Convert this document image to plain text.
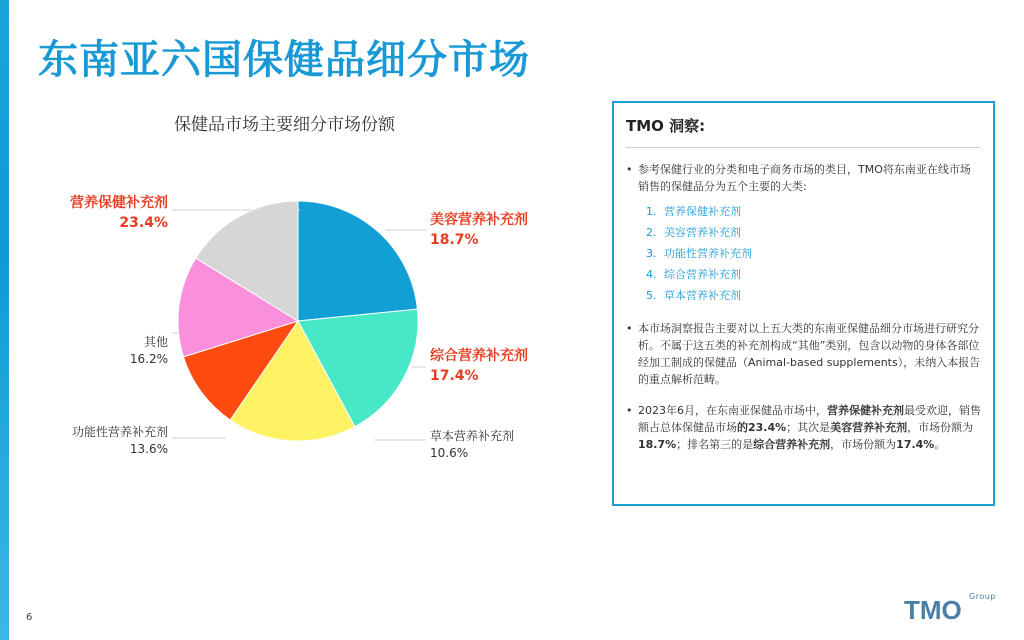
东南亚六国保健品细分市场
保健品市场主要细分市场份额
营养保健补充剂
23.4%	美容营养补充剂
18.7%
综合营养补充剂
17.4%
草本营养补充剂
10.6%
功能性营养补充剂
13.6%
其他
16.2%
TMO 洞察:
• 参考保健行业的分类和电子商务市场的类目，TMO将东南亚在线市场销售的保健品分为五个主要的大类:
1. 营养保健补充剂
2. 美容营养补充剂
3. 功能性营养补充剂
4. 综合营养补充剂
5. 草本营养补充剂
• 本市场洞察报告主要对以上五大类的东南亚保健品细分市场进行研究分析。不属于这五类的补充剂构成“其他”类别，包含以动物的身体各部位经加工制成的保健品（Animal-based supplements），未纳入本报告的重点解析范畴。
• 2023年6月，在东南亚保健品市场中，营养保健补充剂最受欢迎，销售额占总体保健品市场的23.4%；其次是美容营养补充剂，市场份额为18.7%；排名第三的是综合营养补充剂，市场份额为17.4%。
6	TMO Group
